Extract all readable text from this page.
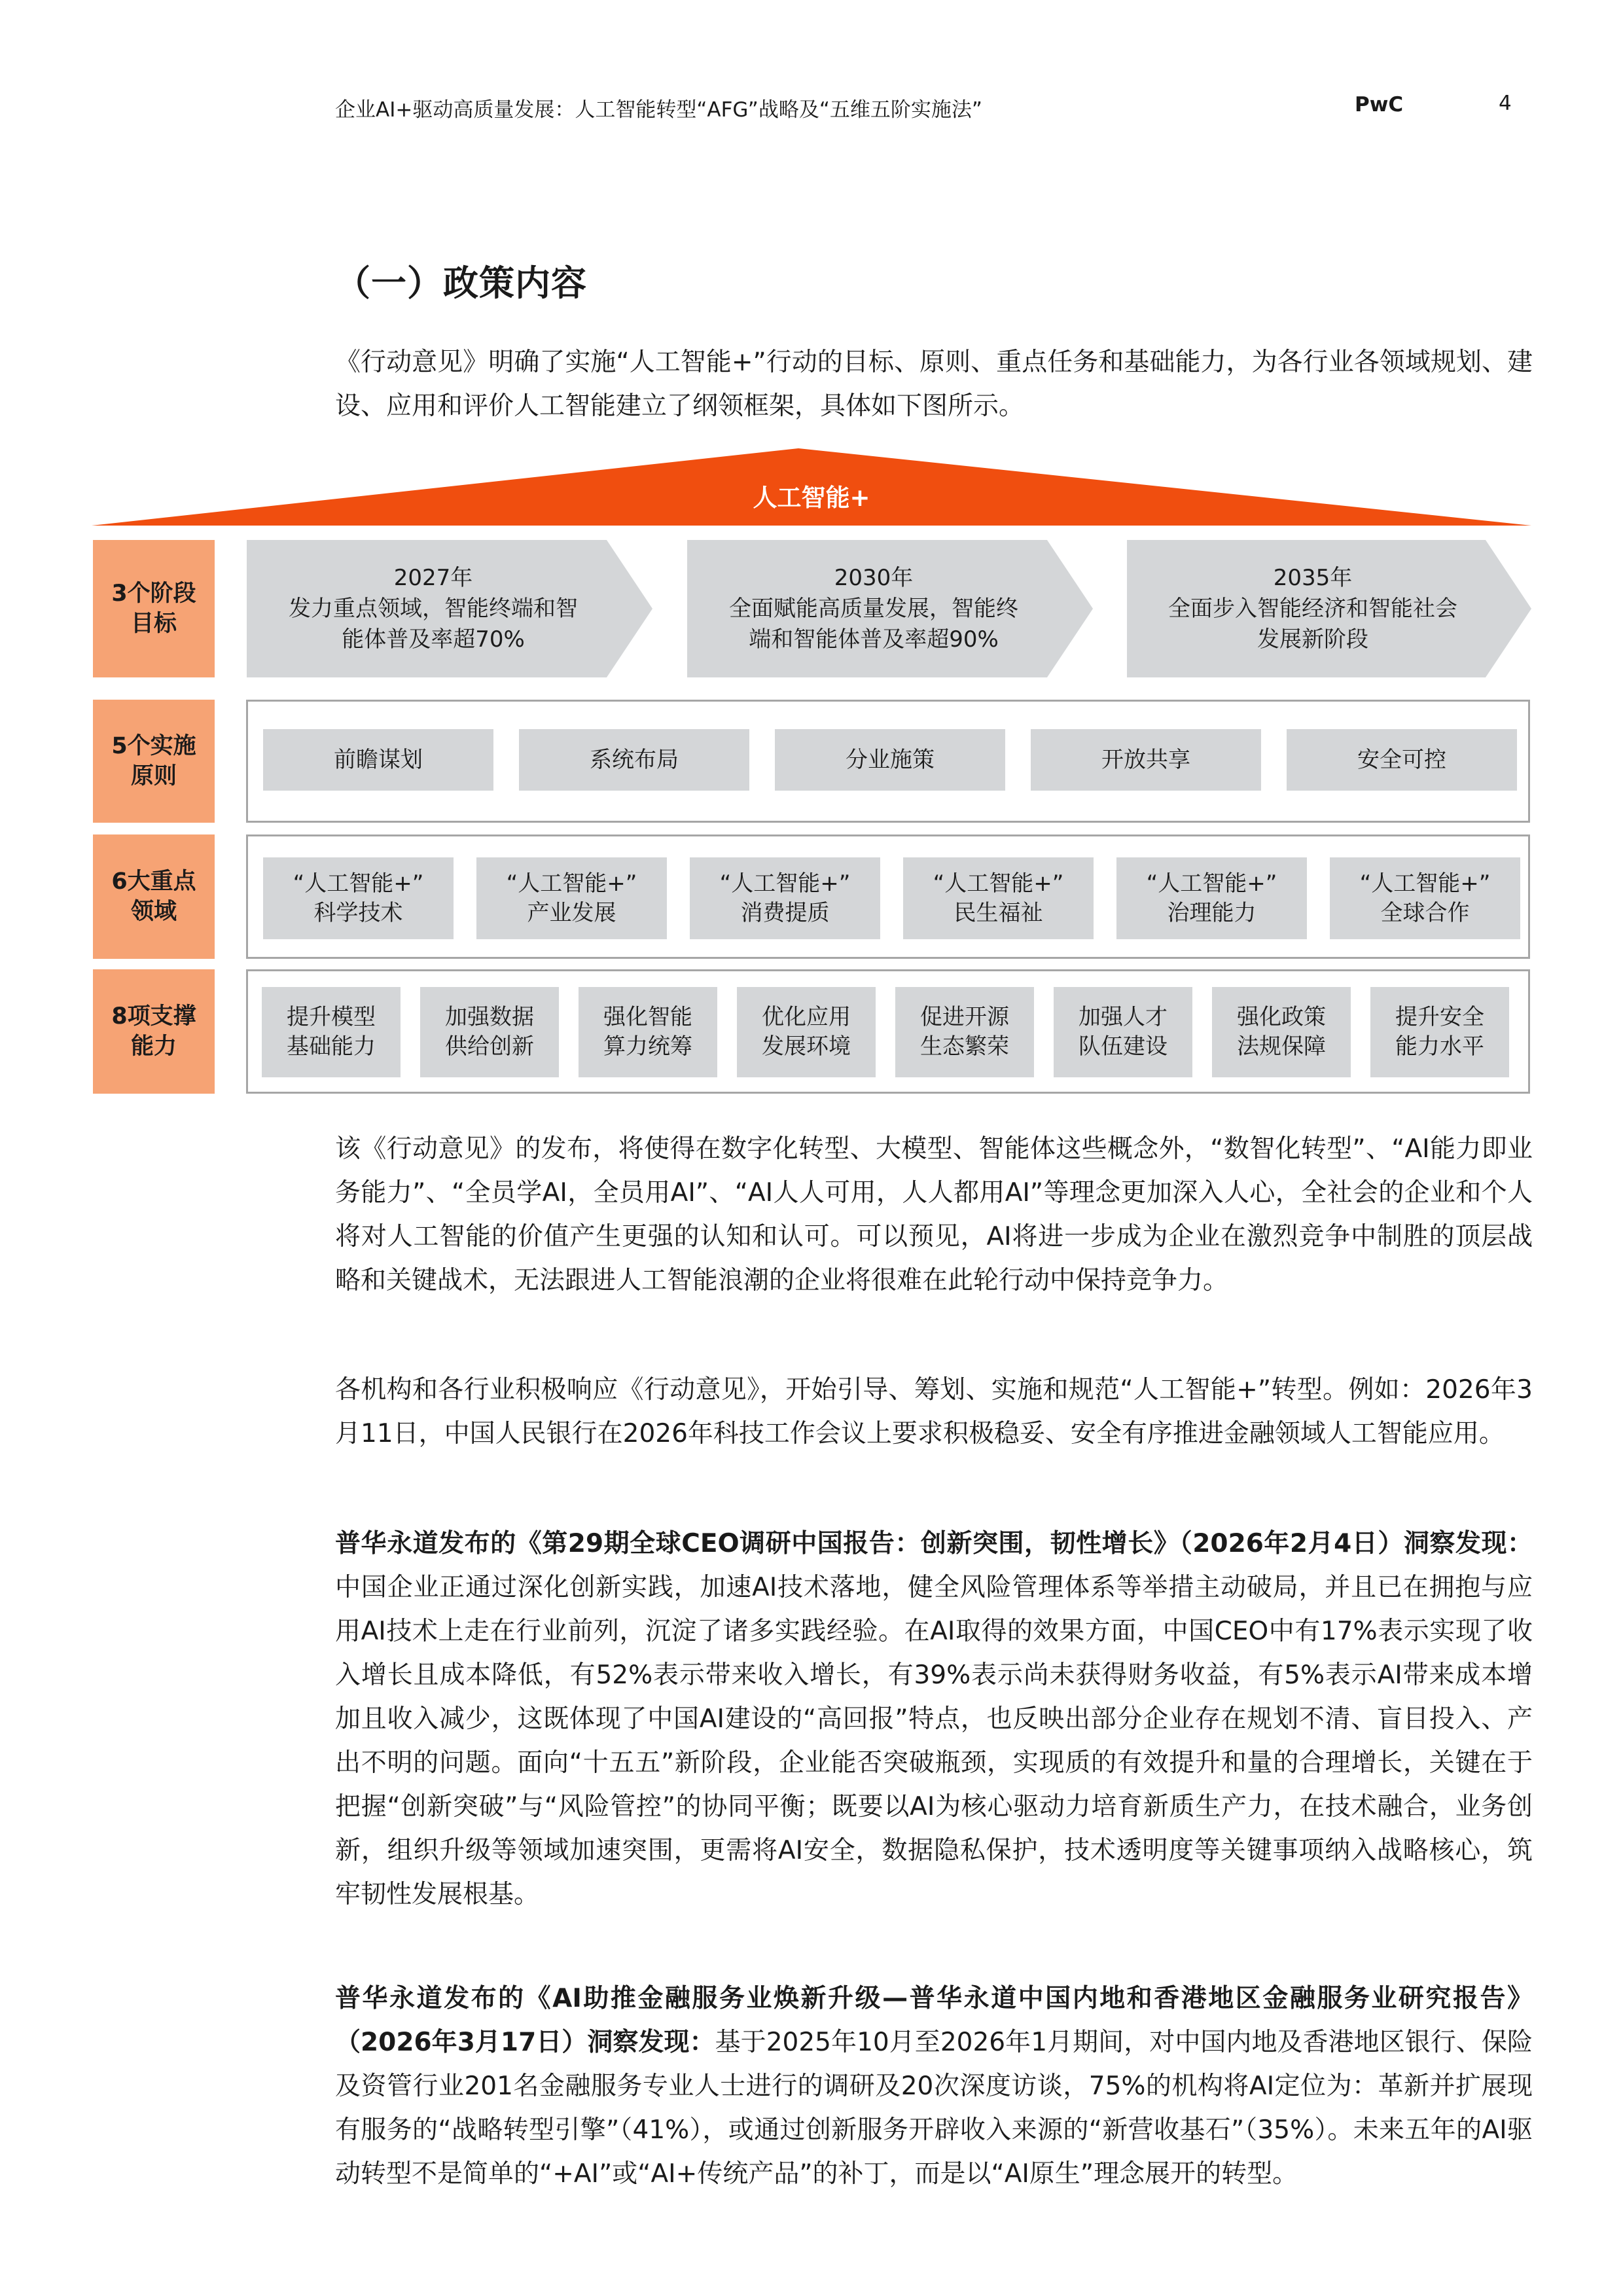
企业AI+驱动高质量发展：人工智能转型“AFG”战略及“五维五阶实施法”	PwC	4
（一）政策内容
《行动意见》明确了实施“人工智能+”行动的目标、原则、重点任务和基础能力，为各行业各领域规划、建设、应用和评价人工智能建立了纲领框架，具体如下图所示。
人工智能+
3个阶段
目标
2027年
发力重点领域，智能终端和智
能体普及率超70%
2030年
全面赋能高质量发展，智能终
端和智能体普及率超90%
2035年
全面步入智能经济和智能社会
发展新阶段
5个实施
原则
前瞻谋划	系统布局	分业施策	开放共享	安全可控
6大重点
领域
“人工智能+”
科学技术
“人工智能+”
产业发展
“人工智能+”
消费提质
“人工智能+”
民生福祉
“人工智能+”
治理能力
“人工智能+”
全球合作
8项支撑
能力
提升模型
基础能力
加强数据
供给创新
强化智能
算力统筹
优化应用
发展环境
促进开源
生态繁荣
加强人才
队伍建设
强化政策
法规保障
提升安全
能力水平
该《行动意见》的发布，将使得在数字化转型、大模型、智能体这些概念外，“数智化转型”、“AI能力即业务能力”、“全员学AI，全员用AI”、“AI人人可用，人人都用AI”等理念更加深入人心，全社会的企业和个人将对人工智能的价值产生更强的认知和认可。可以预见，AI将进一步成为企业在激烈竞争中制胜的顶层战略和关键战术，无法跟进人工智能浪潮的企业将很难在此轮行动中保持竞争力。
各机构和各行业积极响应《行动意见》，开始引导、筹划、实施和规范“人工智能+”转型。例如：2026年3月11日，中国人民银行在2026年科技工作会议上要求积极稳妥、安全有序推进金融领域人工智能应用。
普华永道发布的《第29期全球CEO调研中国报告：创新突围，韧性增长》（2026年2月4日）洞察发现：中国企业正通过深化创新实践，加速AI技术落地，健全风险管理体系等举措主动破局，并且已在拥抱与应用AI技术上走在行业前列，沉淀了诸多实践经验。在AI取得的效果方面，中国CEO中有17%表示实现了收入增长且成本降低，有52%表示带来收入增长，有39%表示尚未获得财务收益，有5%表示AI带来成本增加且收入减少，这既体现了中国AI建设的“高回报”特点，也反映出部分企业存在规划不清、盲目投入、产出不明的问题。面向“十五五”新阶段，企业能否突破瓶颈，实现质的有效提升和量的合理增长，关键在于把握“创新突破”与“风险管控”的协同平衡；既要以AI为核心驱动力培育新质生产力，在技术融合，业务创新，组织升级等领域加速突围，更需将AI安全，数据隐私保护，技术透明度等关键事项纳入战略核心，筑牢韧性发展根基。
普华永道发布的《AI助推金融服务业焕新升级—普华永道中国内地和香港地区金融服务业研究报告》（2026年3月17日）洞察发现：基于2025年10月至2026年1月期间，对中国内地及香港地区银行、保险及资管行业201名金融服务专业人士进行的调研及20次深度访谈，75%的机构将AI定位为：革新并扩展现有服务的“战略转型引擎”（41%），或通过创新服务开辟收入来源的“新营收基石”（35%）。未来五年的AI驱动转型不是简单的“+AI”或“AI+传统产品”的补丁，而是以“AI原生”理念展开的转型。
